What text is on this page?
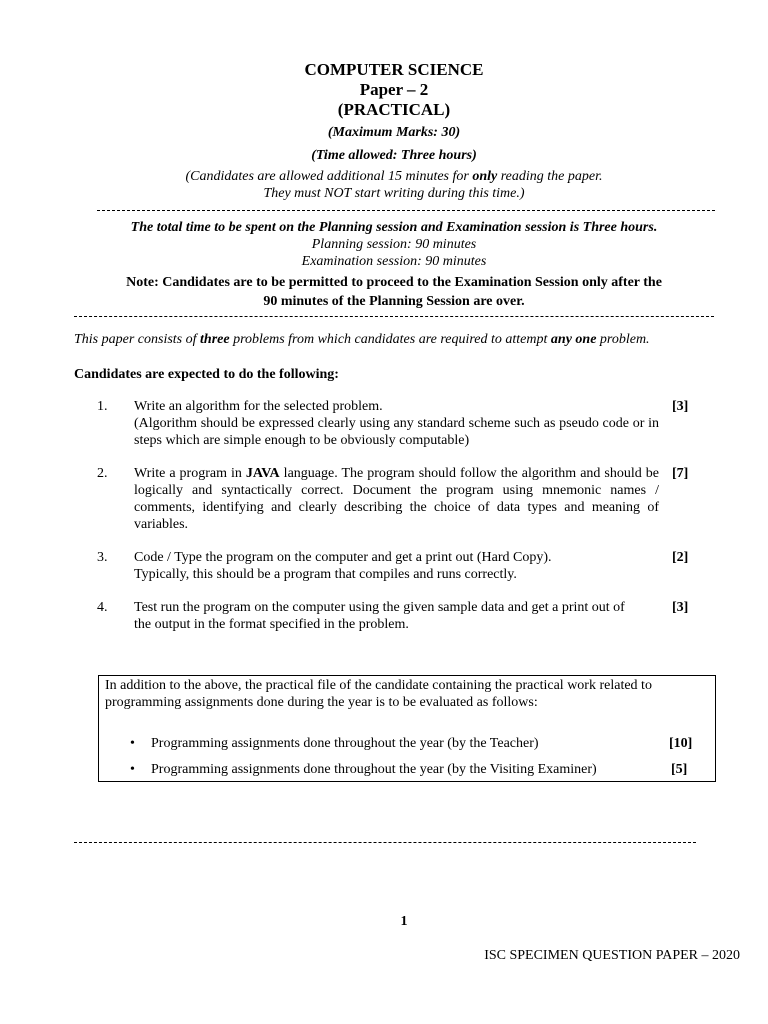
COMPUTER SCIENCE
Paper – 2
(PRACTICAL)
(Maximum Marks: 30)
(Time allowed: Three hours)
(Candidates are allowed additional 15 minutes for only reading the paper.
They must NOT start writing during this time.)
The total time to be spent on the Planning session and Examination session is Three hours.
Planning session: 90 minutes
Examination session: 90 minutes
Note: Candidates are to be permitted to proceed to the Examination Session only after the
90 minutes of the Planning Session are over.
This paper consists of three problems from which candidates are required to attempt any one problem.
Candidates are expected to do the following:
1. Write an algorithm for the selected problem.
(Algorithm should be expressed clearly using any standard scheme such as pseudo code or in steps which are simple enough to be obviously computable)
[3]
2. Write a program in JAVA language. The program should follow the algorithm and should be logically and syntactically correct. Document the program using mnemonic names / comments, identifying and clearly describing the choice of data types and meaning of variables.
[7]
3. Code / Type the program on the computer and get a print out (Hard Copy).
Typically, this should be a program that compiles and runs correctly.
[2]
4. Test run the program on the computer using the given sample data and get a print out of the output in the format specified in the problem.
[3]
In addition to the above, the practical file of the candidate containing the practical work related to programming assignments done during the year is to be evaluated as follows:
• Programming assignments done throughout the year (by the Teacher)	[10]
• Programming assignments done throughout the year (by the Visiting Examiner)	[5]
1
ISC SPECIMEN QUESTION PAPER – 2020
